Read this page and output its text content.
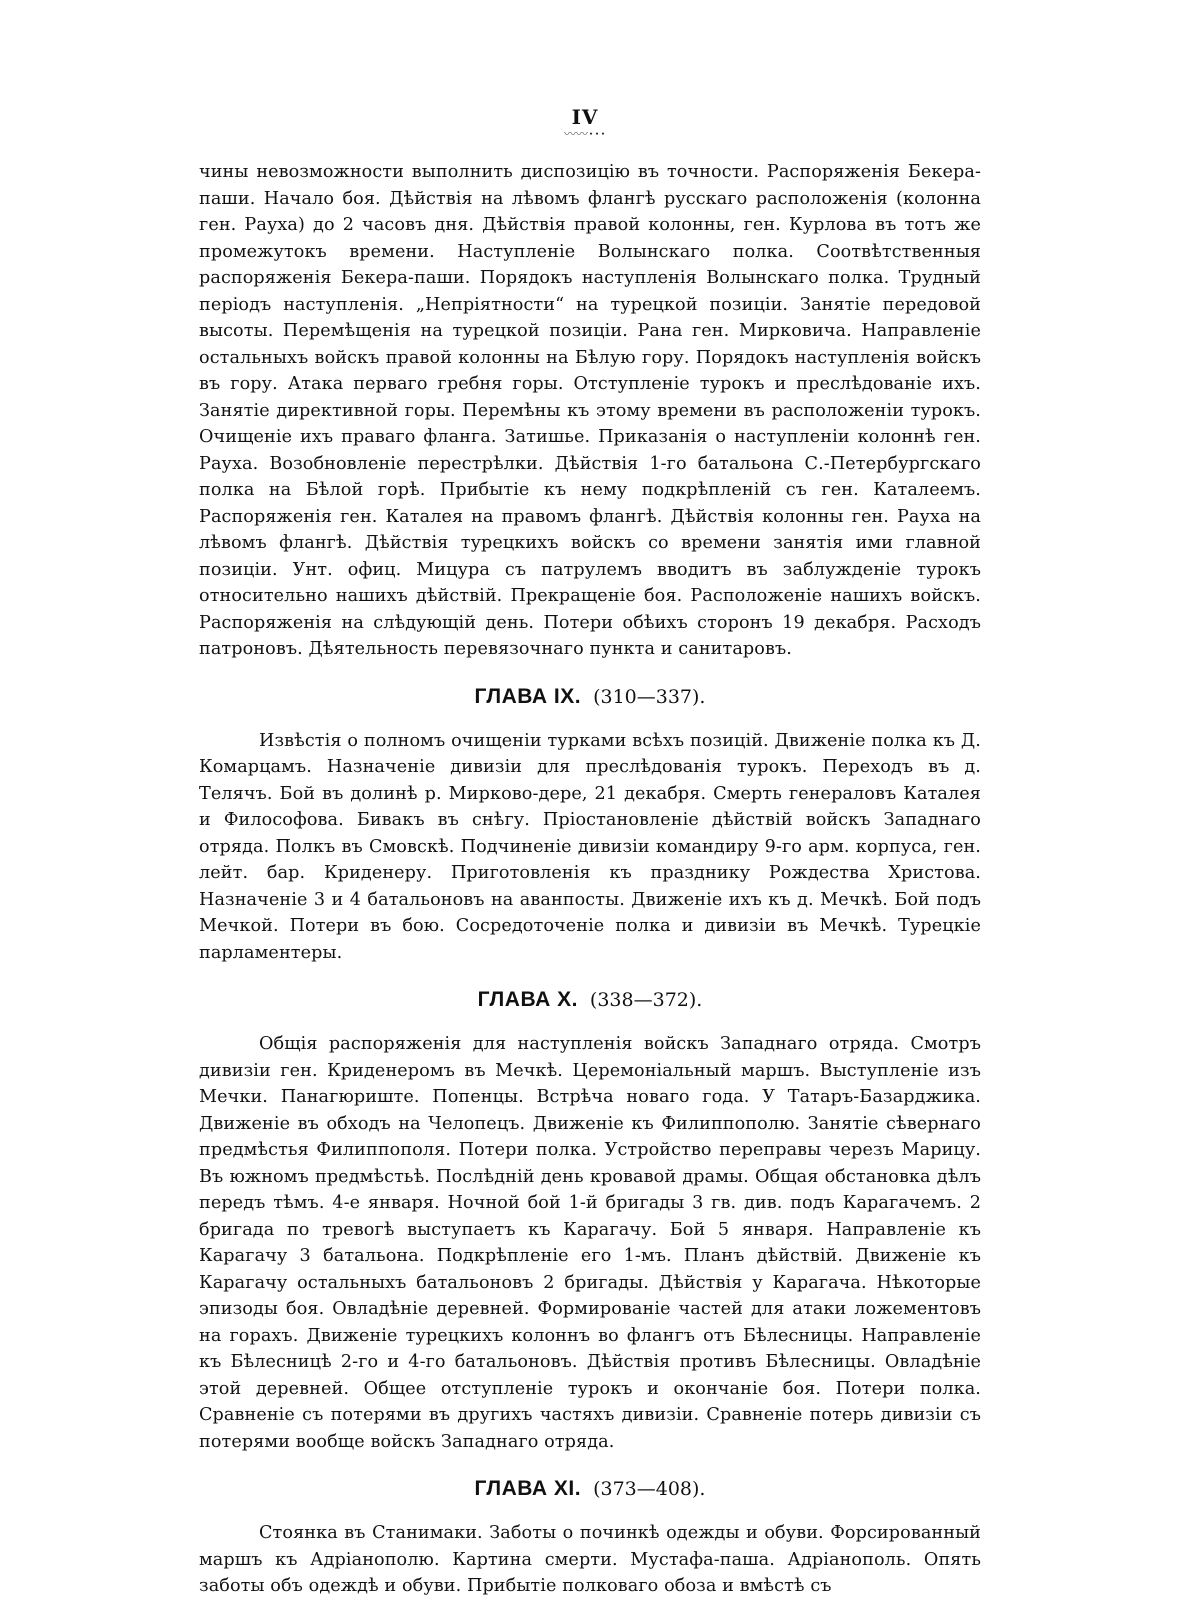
IV
〰〰･･･

чины невозможности выполнить диспозицію въ точности. Распоряженія Бекера-паши. Начало боя. Дѣйствія на лѣвомъ флангѣ русскаго расположенія (колонна ген. Рауха) до 2 часовъ дня. Дѣйствія правой колонны, ген. Курлова въ тотъ же промежутокъ времени. Наступленіе Волынскаго полка. Соотвѣтственныя распоряженія Бекера-паши. Порядокъ наступленія Волынскаго полка. Трудный періодъ наступленія. „Непріятности“ на турецкой позиціи. Занятіе передовой высоты. Перемѣщенія на турецкой позиціи. Рана ген. Мирковича. Направленіе остальныхъ войскъ правой колонны на Бѣлую гору. Порядокъ наступленія войскъ въ гору. Атака перваго гребня горы. Отступленіе турокъ и преслѣдованіе ихъ. Занятіе директивной горы. Перемѣны къ этому времени въ расположеніи турокъ. Очищеніе ихъ праваго фланга. Затишье. Приказанія о наступленіи колоннѣ ген. Рауха. Возобновленіе перестрѣлки. Дѣйствія 1-го батальона С.-Петербургскаго полка на Бѣлой горѣ. Прибытіе къ нему подкрѣпленій съ ген. Каталеемъ. Распоряженія ген. Каталея на правомъ флангѣ. Дѣйствія колонны ген. Рауха на лѣвомъ флангѣ. Дѣйствія турецкихъ войскъ со времени занятія ими главной позиціи. Унт. офиц. Мицура съ патрулемъ вводитъ въ заблужденіе турокъ относительно нашихъ дѣйствій. Прекращеніе боя. Расположеніе нашихъ войскъ. Распоряженія на слѣдующій день. Потери обѣихъ сторонъ 19 декабря. Расходъ патроновъ. Дѣятельность перевязочнаго пункта и санитаровъ.

ГЛАВА IX. (310—337).

Извѣстія о полномъ очищеніи турками всѣхъ позицій. Движеніе полка къ Д. Комарцамъ. Назначеніе дивизіи для преслѣдованія турокъ. Переходъ въ д. Телячъ. Бой въ долинѣ р. Мирково-дере, 21 декабря. Смерть генераловъ Каталея и Философова. Бивакъ въ снѣгу. Пріостановленіе дѣйствій войскъ Западнаго отряда. Полкъ въ Смовскѣ. Подчиненіе дивизіи командиру 9-го арм. корпуса, ген. лейт. бар. Криденеру. Приготовленія къ празднику Рождества Христова. Назначеніе 3 и 4 батальоновъ на аванпосты. Движеніе ихъ къ д. Мечкѣ. Бой подъ Мечкой. Потери въ бою. Сосредоточеніе полка и дивизіи въ Мечкѣ. Турецкіе парламентеры.

ГЛАВА X. (338—372).

Общія распоряженія для наступленія войскъ Западнаго отряда. Смотръ дивизіи ген. Криденеромъ въ Мечкѣ. Церемоніальный маршъ. Выступленіе изъ Мечки. Панагюриште. Попенцы. Встрѣча новаго года. У Татаръ-Базарджика. Движеніе въ обходъ на Челопецъ. Движеніе къ Филиппополю. Занятіе сѣвернаго предмѣстья Филиппополя. Потери полка. Устройство переправы черезъ Марицу. Въ южномъ предмѣстьѣ. Послѣдній день кровавой драмы. Общая обстановка дѣлъ передъ тѣмъ. 4-е января. Ночной бой 1-й бригады 3 гв. див. подъ Карагачемъ. 2 бригада по тревогѣ выступаетъ къ Карагачу. Бой 5 января. Направленіе къ Карагачу 3 батальона. Подкрѣпленіе его 1-мъ. Планъ дѣйствій. Движеніе къ Карагачу остальныхъ батальоновъ 2 бригады. Дѣйствія у Карагача. Нѣкоторые эпизоды боя. Овладѣніе деревней. Формированіе частей для атаки ложементовъ на горахъ. Движеніе турецкихъ колоннъ во флангъ отъ Бѣлесницы. Направленіе къ Бѣлесницѣ 2-го и 4-го батальоновъ. Дѣйствія противъ Бѣлесницы. Овладѣніе этой деревней. Общее отступленіе турокъ и окончаніе боя. Потери полка. Сравненіе съ потерями въ другихъ частяхъ дивизіи. Сравненіе потерь дивизіи съ потерями вообще войскъ Западнаго отряда.

ГЛАВА XI. (373—408).

Стоянка въ Станимаки. Заботы о починкѣ одежды и обуви. Форсированный маршъ къ Адріанополю. Картина смерти. Мустафа-паша. Адріанополь. Опять заботы объ одеждѣ и обуви. Прибытіе полковаго обоза и вмѣстѣ съ
